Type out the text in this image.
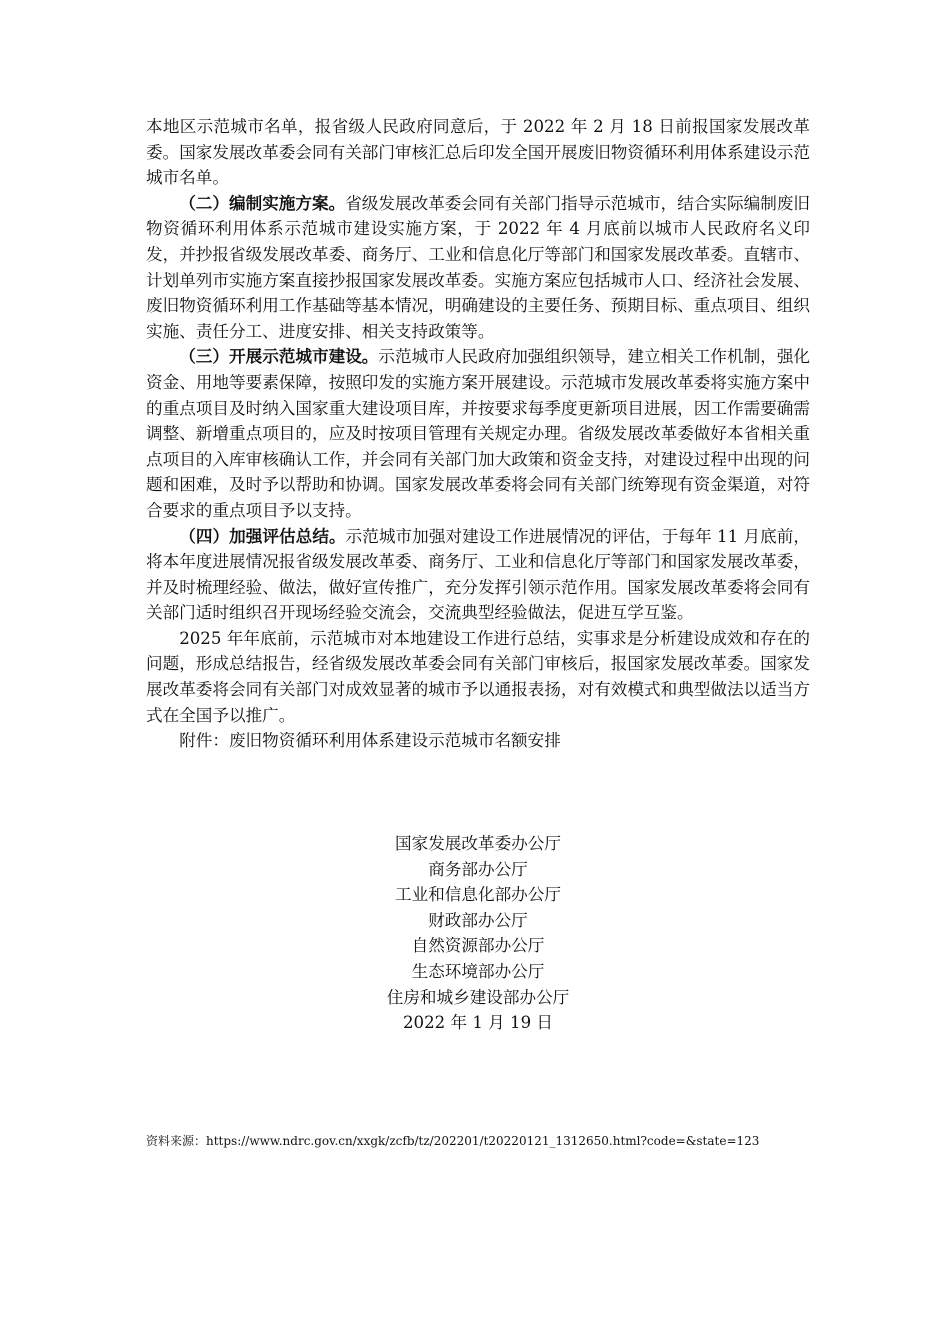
本地区示范城市名单，报省级人民政府同意后，于 2022 年 2 月 18 日前报国家发展改革委。国家发展改革委会同有关部门审核汇总后印发全国开展废旧物资循环利用体系建设示范城市名单。

（二）编制实施方案。省级发展改革委会同有关部门指导示范城市，结合实际编制废旧物资循环利用体系示范城市建设实施方案，于 2022 年 4 月底前以城市人民政府名义印发，并抄报省级发展改革委、商务厅、工业和信息化厅等部门和国家发展改革委。直辖市、计划单列市实施方案直接抄报国家发展改革委。实施方案应包括城市人口、经济社会发展、废旧物资循环利用工作基础等基本情况，明确建设的主要任务、预期目标、重点项目、组织实施、责任分工、进度安排、相关支持政策等。

（三）开展示范城市建设。示范城市人民政府加强组织领导，建立相关工作机制，强化资金、用地等要素保障，按照印发的实施方案开展建设。示范城市发展改革委将实施方案中的重点项目及时纳入国家重大建设项目库，并按要求每季度更新项目进展，因工作需要确需调整、新增重点项目的，应及时按项目管理有关规定办理。省级发展改革委做好本省相关重点项目的入库审核确认工作，并会同有关部门加大政策和资金支持，对建设过程中出现的问题和困难，及时予以帮助和协调。国家发展改革委将会同有关部门统筹现有资金渠道，对符合要求的重点项目予以支持。

（四）加强评估总结。示范城市加强对建设工作进展情况的评估，于每年 11 月底前，将本年度进展情况报省级发展改革委、商务厅、工业和信息化厅等部门和国家发展改革委，并及时梳理经验、做法，做好宣传推广，充分发挥引领示范作用。国家发展改革委将会同有关部门适时组织召开现场经验交流会，交流典型经验做法，促进互学互鉴。

2025 年年底前，示范城市对本地建设工作进行总结，实事求是分析建设成效和存在的问题，形成总结报告，经省级发展改革委会同有关部门审核后，报国家发展改革委。国家发展改革委将会同有关部门对成效显著的城市予以通报表扬，对有效模式和典型做法以适当方式在全国予以推广。

附件：废旧物资循环利用体系建设示范城市名额安排

国家发展改革委办公厅
商务部办公厅
工业和信息化部办公厅
财政部办公厅
自然资源部办公厅
生态环境部办公厅
住房和城乡建设部办公厅
2022 年 1 月 19 日
资料来源：https://www.ndrc.gov.cn/xxgk/zcfb/tz/202201/t20220121_1312650.html?code=&state=123
